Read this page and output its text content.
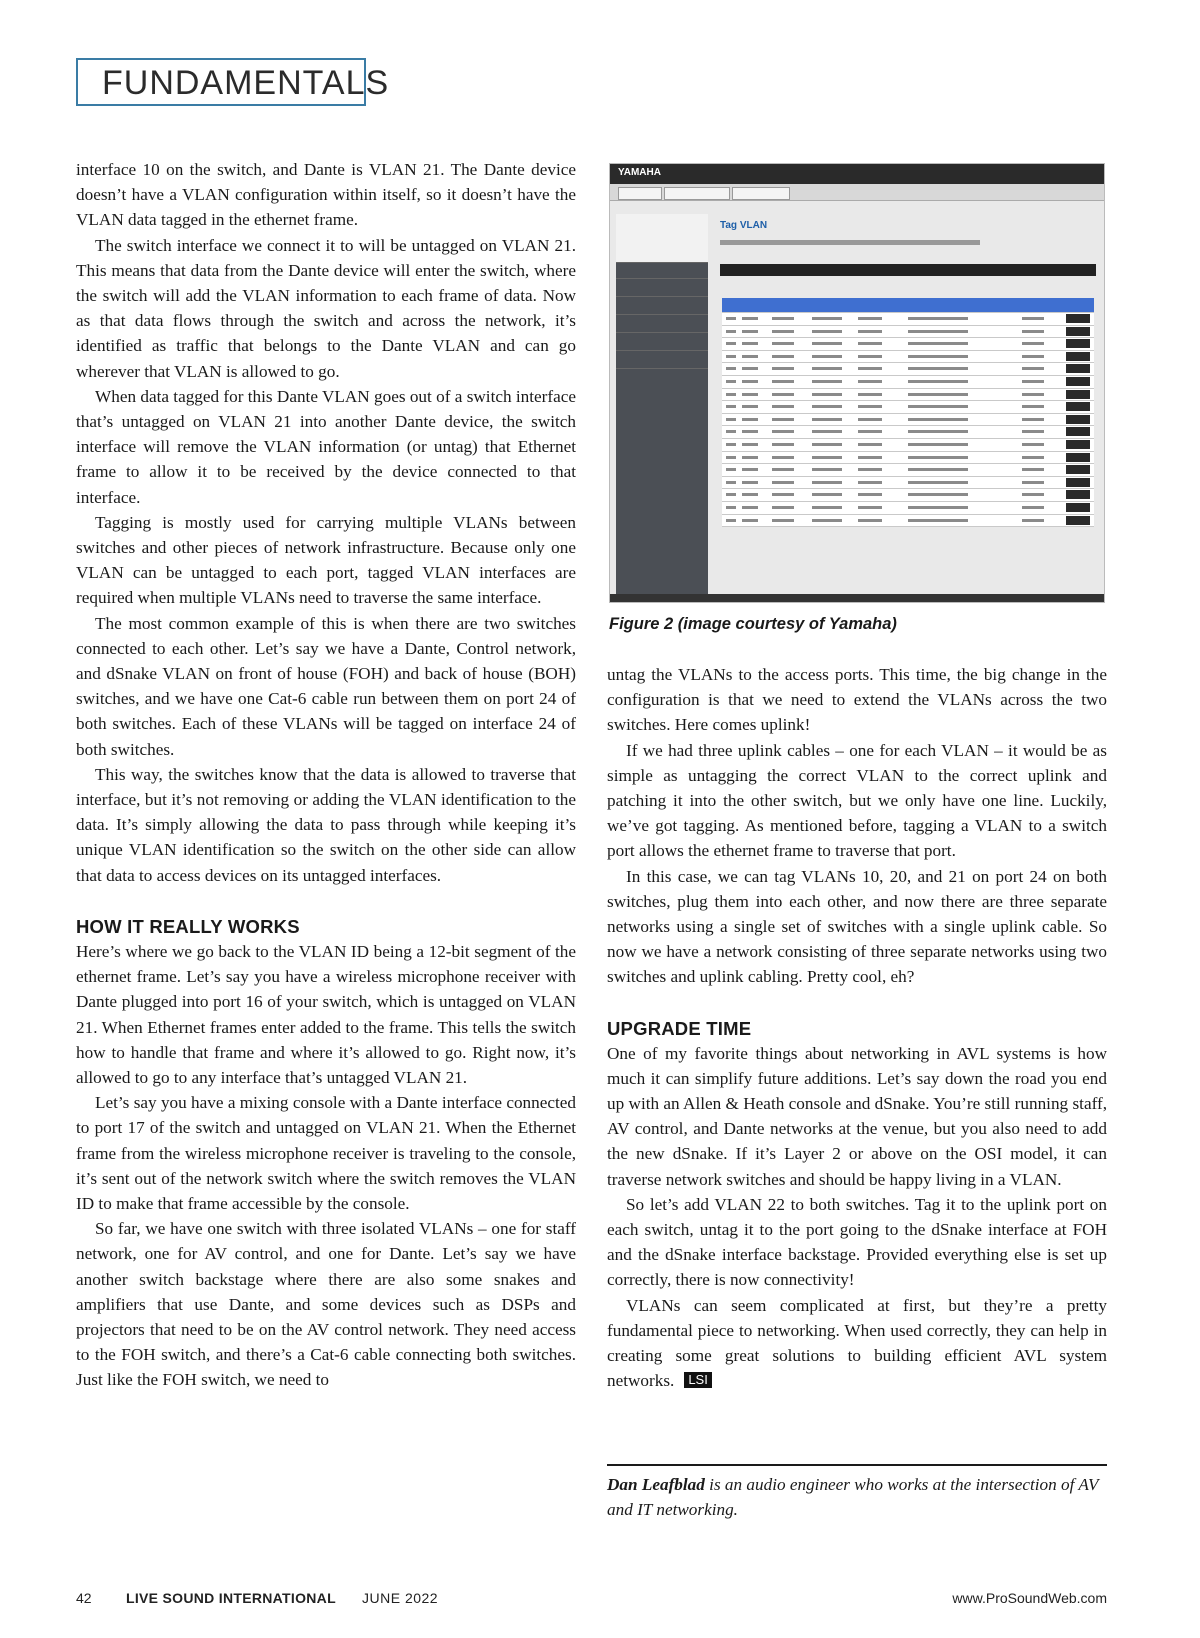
FUNDAMENTALS

interface 10 on the switch, and Dante is VLAN 21. The Dante device doesn’t have a VLAN configuration within itself, so it doesn’t have the VLAN data tagged in the ethernet frame.

The switch interface we connect it to will be untagged on VLAN 21. This means that data from the Dante device will enter the switch, where the switch will add the VLAN information to each frame of data. Now as that data flows through the switch and across the network, it’s identified as traffic that belongs to the Dante VLAN and can go wherever that VLAN is allowed to go.

When data tagged for this Dante VLAN goes out of a switch interface that’s untagged on VLAN 21 into another Dante device, the switch interface will remove the VLAN information (or untag) that Ethernet frame to allow it to be received by the device connected to that interface.

Tagging is mostly used for carrying multiple VLANs between switches and other pieces of network infrastructure. Because only one VLAN can be untagged to each port, tagged VLAN interfaces are required when multiple VLANs need to traverse the same interface.

The most common example of this is when there are two switches connected to each other. Let’s say we have a Dante, Control network, and dSnake VLAN on front of house (FOH) and back of house (BOH) switches, and we have one Cat-6 cable run between them on port 24 of both switches. Each of these VLANs will be tagged on interface 24 of both switches.

This way, the switches know that the data is allowed to traverse that interface, but it’s not removing or adding the VLAN identification to the data. It’s simply allowing the data to pass through while keeping it’s unique VLAN identification so the switch on the other side can allow that data to access devices on its untagged interfaces.

HOW IT REALLY WORKS

Here’s where we go back to the VLAN ID being a 12-bit segment of the ethernet frame. Let’s say you have a wireless microphone receiver with Dante plugged into port 16 of your switch, which is untagged on VLAN 21. When Ethernet frames enter added to the frame. This tells the switch how to handle that frame and where it’s allowed to go. Right now, it’s allowed to go to any interface that’s untagged VLAN 21.

Let’s say you have a mixing console with a Dante interface connected to port 17 of the switch and untagged on VLAN 21. When the Ethernet frame from the wireless microphone receiver is traveling to the console, it’s sent out of the network switch where the switch removes the VLAN ID to make that frame accessible by the console.

So far, we have one switch with three isolated VLANs – one for staff network, one for AV control, and one for Dante. Let’s say we have another switch backstage where there are also some snakes and amplifiers that use Dante, and some devices such as DSPs and projectors that need to be on the AV control network. They need access to the FOH switch, and there’s a Cat-6 cable connecting both switches. Just like the FOH switch, we need to

YAMAHA
Tag VLAN
Figure 2 (image courtesy of Yamaha)

untag the VLANs to the access ports. This time, the big change in the configuration is that we need to extend the VLANs across the two switches. Here comes uplink!

If we had three uplink cables – one for each VLAN – it would be as simple as untagging the correct VLAN to the correct uplink and patching it into the other switch, but we only have one line. Luckily, we’ve got tagging. As mentioned before, tagging a VLAN to a switch port allows the ethernet frame to traverse that port.

In this case, we can tag VLANs 10, 20, and 21 on port 24 on both switches, plug them into each other, and now there are three separate networks using a single set of switches with a single uplink cable. So now we have a network consisting of three separate networks using two switches and uplink cabling. Pretty cool, eh?

UPGRADE TIME

One of my favorite things about networking in AVL systems is how much it can simplify future additions. Let’s say down the road you end up with an Allen & Heath console and dSnake. You’re still running staff, AV control, and Dante networks at the venue, but you also need to add the new dSnake. If it’s Layer 2 or above on the OSI model, it can traverse network switches and should be happy living in a VLAN.

So let’s add VLAN 22 to both switches. Tag it to the uplink port on each switch, untag it to the port going to the dSnake interface at FOH and the dSnake interface backstage. Provided everything else is set up correctly, there is now connectivity!

VLANs can seem complicated at first, but they’re a pretty fundamental piece to networking. When used correctly, they can help in creating some great solutions to building efficient AVL system networks. LSI

Dan Leafblad is an audio engineer who works at the intersection of AV and IT networking.
42 LIVE SOUND INTERNATIONAL JUNE 2022	www.ProSoundWeb.com
